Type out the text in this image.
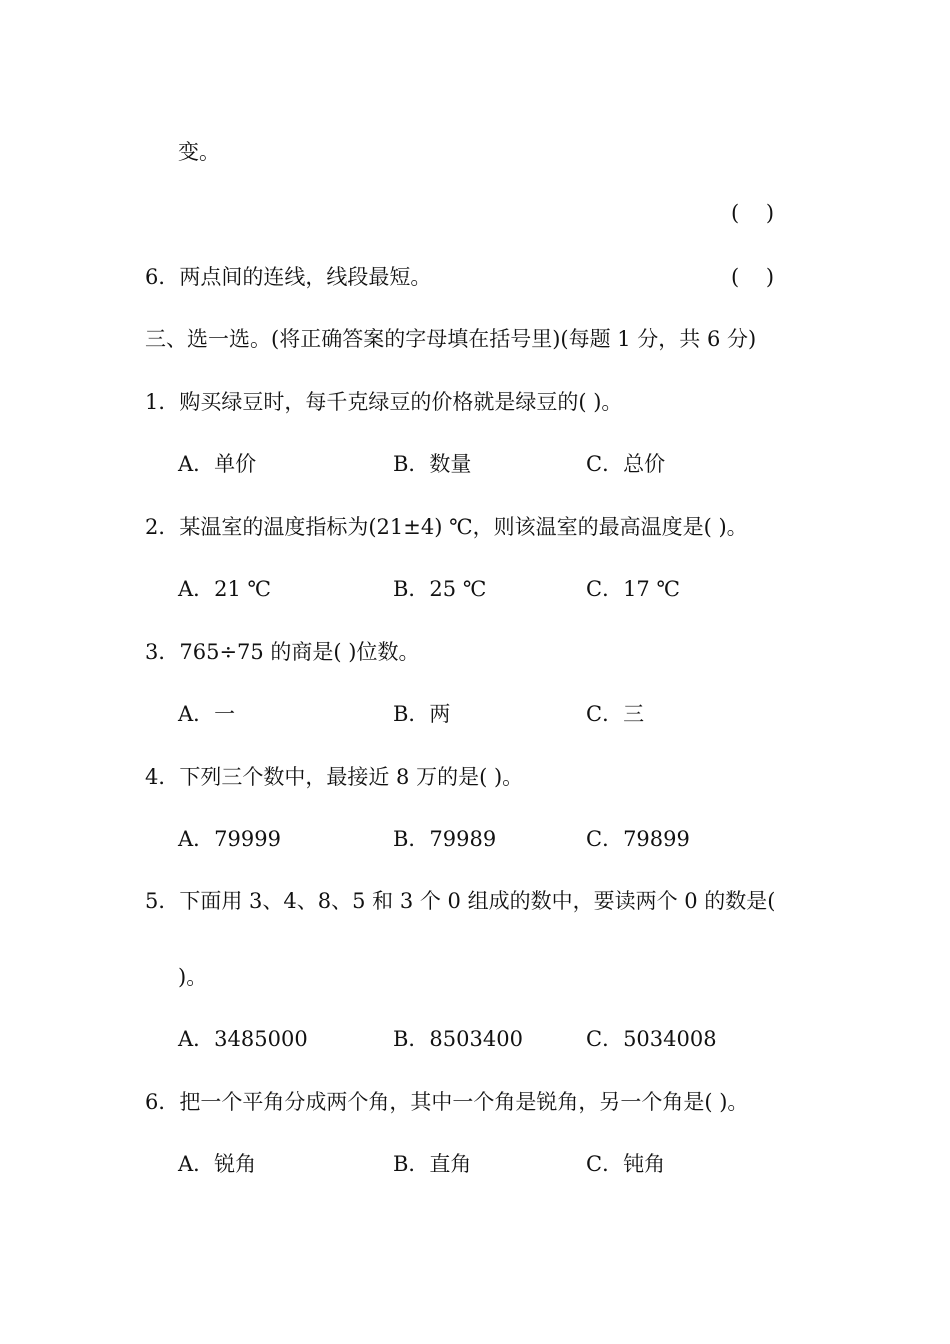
变。
(    )
6．两点间的连线，线段最短。	(    )
三、选一选。(将正确答案的字母填在括号里)(每题 1 分，共 6 分)
1．购买绿豆时，每千克绿豆的价格就是绿豆的( )。
A．单价	B．数量	C．总价
2．某温室的温度指标为(21±4) ℃，则该温室的最高温度是( )。
A．21 ℃	B．25 ℃	C．17 ℃
3．765÷75 的商是( )位数。
A．一	B．两	C．三
4．下列三个数中，最接近 8 万的是( )。
A．79999	B．79989	C．79899
5．下面用 3、4、8、5 和 3 个 0 组成的数中，要读两个 0 的数是(
)。
A．3485000	B．8503400	C．5034008
6．把一个平角分成两个角，其中一个角是锐角，另一个角是( )。
A．锐角	B．直角	C．钝角
